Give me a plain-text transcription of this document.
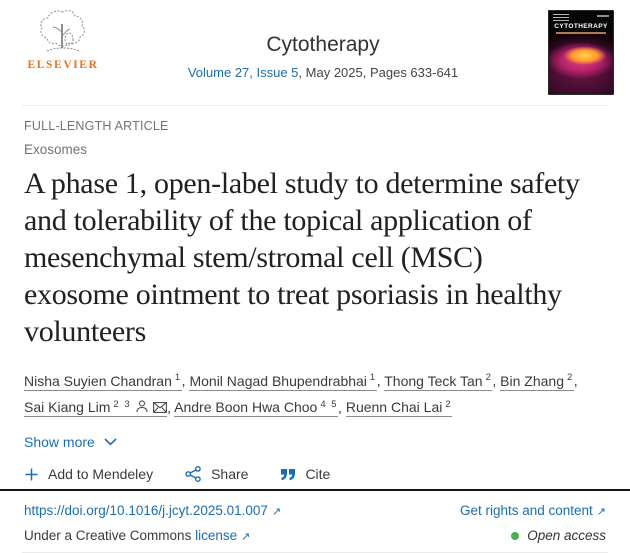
ELSEVIER
Cytotherapy
Volume 27, Issue 5, May 2025, Pages 633-641
CYTOTHERAPY
FULL-LENGTH ARTICLE
Exosomes
A phase 1, open-label study to determine safety and tolerability of the topical application of mesenchymal stem/stromal cell (MSC) exosome ointment to treat psoriasis in healthy volunteers
Nisha Suyien Chandran $^1$, Monil Nagad Bhupendrabhai $^1$, Thong Teck Tan $^2$, Bin Zhang $^2$, Sai Kiang Lim $^{2 3}$	, Andre Boon Hwa Choo $^{4 5}$, Ruenn Chai Lai $^2$
Show more
Add to Mendeley	Share	Cite
https://doi.org/10.1016/j.jcyt.2025.01.007 ↗	Get rights and content ↗
Under a Creative Commons license ↗	Open access
